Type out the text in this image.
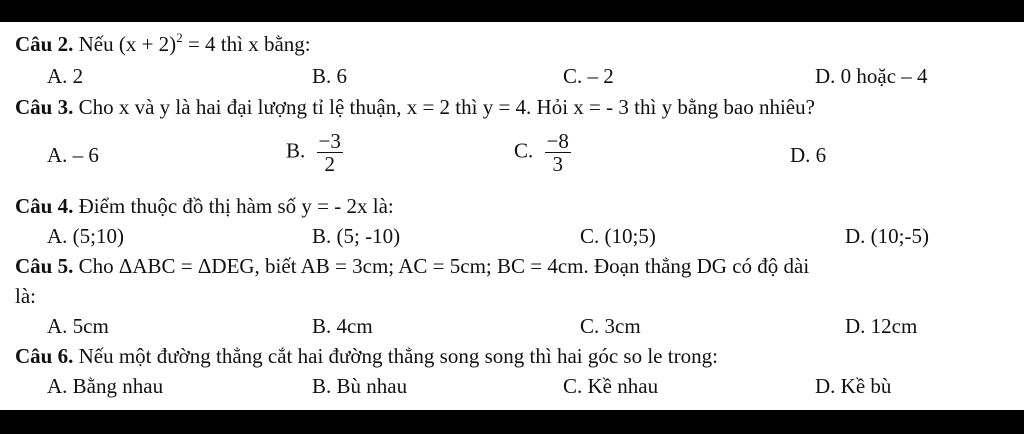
Câu 2. Nếu $(x + 2)^2 = 4$ thì x bằng:
A. 2	B. 6	C. – 2	D. 0 hoặc – 4
Câu 3. Cho x và y là hai đại lượng tỉ lệ thuận, x = 2 thì y = 4. Hỏi x = - 3 thì y bằng bao nhiêu?
A. – 6	B. $\frac{-3}{2}$	C. $\frac{-8}{3}$	D. 6
Câu 4. Điểm thuộc đồ thị hàm số y = - 2x là:
A. (5;10)	B. (5; -10)	C. (10;5)	D. (10;-5)
Câu 5. Cho ΔABC = ΔDEG, biết AB = 3cm; AC = 5cm; BC = 4cm. Đoạn thẳng DG có độ dài
là:
A. 5cm	B. 4cm	C. 3cm	D. 12cm
Câu 6. Nếu một đường thẳng cắt hai đường thẳng song song thì hai góc so le trong:
A. Bằng nhau	B. Bù nhau	C. Kề nhau	D. Kề bù
